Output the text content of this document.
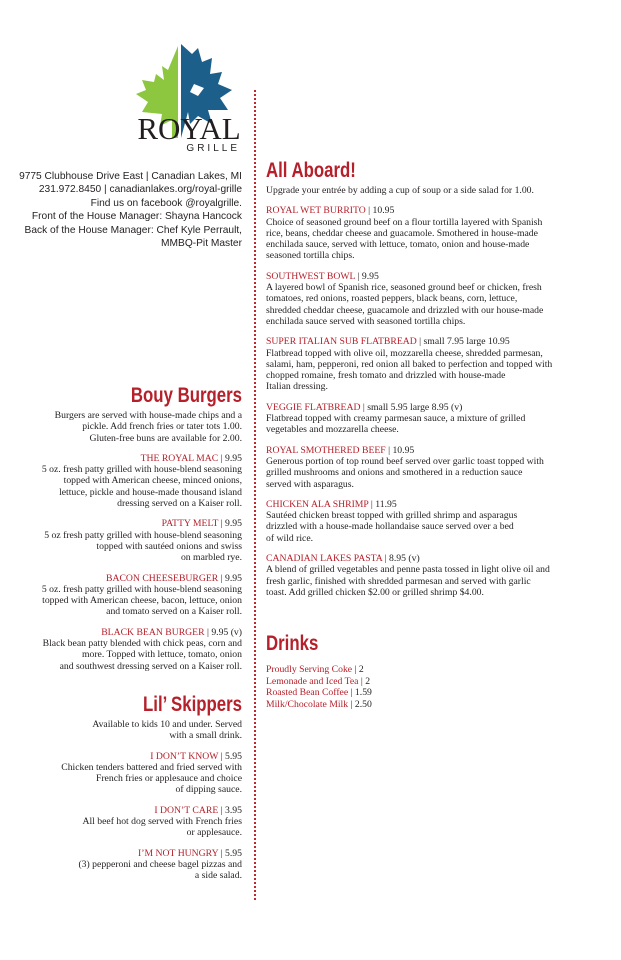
ROYAL
GRILLE
9775 Clubhouse Drive East | Canadian Lakes, MI
231.972.8450 | canadianlakes.org/royal-grille
Find us on facebook @royalgrille.
Front of the House Manager: Shayna Hancock
Back of the House Manager: Chef Kyle Perrault,
MMBQ-Pit Master
Bouy Burgers
Burgers are served with house-made chips and a
pickle. Add french fries or tater tots 1.00.
Gluten-free buns are available for 2.00.
THE ROYAL MAC | 9.95
5 oz. fresh patty grilled with house-blend seasoning
topped with American cheese, minced onions,
lettuce, pickle and house-made thousand island
dressing served on a Kaiser roll.
PATTY MELT | 9.95
5 oz fresh patty grilled with house-blend seasoning
topped with sautéed onions and swiss
on marbled rye.
BACON CHEESEBURGER | 9.95
5 oz. fresh patty grilled with house-blend seasoning
topped with American cheese, bacon, lettuce, onion
and tomato served on a Kaiser roll.
BLACK BEAN BURGER | 9.95 (v)
Black bean patty blended with chick peas, corn and
more. Topped with lettuce, tomato, onion
and southwest dressing served on a Kaiser roll.
Lil’ Skippers
Available to kids 10 and under. Served
with a small drink.
I DON’T KNOW | 5.95
Chicken tenders battered and fried served with
French fries or applesauce and choice
of dipping sauce.
I DON’T CARE | 3.95
All beef hot dog served with French fries
or applesauce.
I’M NOT HUNGRY | 5.95
(3) pepperoni and cheese bagel pizzas and
a side salad.
All Aboard!
Upgrade your entrée by adding a cup of soup or a side salad for 1.00.
ROYAL WET BURRITO | 10.95
Choice of seasoned ground beef on a flour tortilla layered with Spanish
rice, beans, cheddar cheese and guacamole. Smothered in house-made
enchilada sauce, served with lettuce, tomato, onion and house-made
seasoned tortilla chips.
SOUTHWEST BOWL | 9.95
A layered bowl of Spanish rice, seasoned ground beef or chicken, fresh
tomatoes, red onions, roasted peppers, black beans, corn, lettuce,
shredded cheddar cheese, guacamole and drizzled with our house-made
enchilada sauce served with seasoned tortilla chips.
SUPER ITALIAN SUB FLATBREAD | small 7.95 large 10.95
Flatbread topped with olive oil, mozzarella cheese, shredded parmesan,
salami, ham, pepperoni, red onion all baked to perfection and topped with
chopped romaine, fresh tomato and drizzled with house-made
Italian dressing.
VEGGIE FLATBREAD | small 5.95 large 8.95 (v)
Flatbread topped with creamy parmesan sauce, a mixture of grilled
vegetables and mozzarella cheese.
ROYAL SMOTHERED BEEF | 10.95
Generous portion of top round beef served over garlic toast topped with
grilled mushrooms and onions and smothered in a reduction sauce
served with asparagus.
CHICKEN ALA SHRIMP | 11.95
Sautéed chicken breast topped with grilled shrimp and asparagus
drizzled with a house-made hollandaise sauce served over a bed
of wild rice.
CANADIAN LAKES PASTA | 8.95 (v)
A blend of grilled vegetables and penne pasta tossed in light olive oil and
fresh garlic, finished with shredded parmesan and served with garlic
toast. Add grilled chicken $2.00 or grilled shrimp $4.00.
Drinks
Proudly Serving Coke | 2
Lemonade and Iced Tea | 2
Roasted Bean Coffee | 1.59
Milk/Chocolate Milk | 2.50
